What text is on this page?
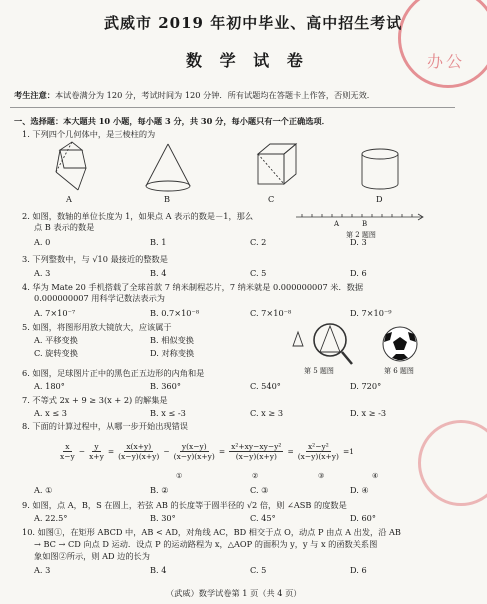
办公
武威市 2019 年初中毕业、高中招生考试
数 学 试 卷
考生注意：本试卷满分为 120 分，考试时间为 120 分钟．所有试题均在答题卡上作答，否则无效．
一、选择题：本大题共 10 小题，每小题 3 分，共 30 分，每小题只有一个正确选项．
1. 下列四个几何体中，是三棱柱的为
A	B	C	D
2. 如图，数轴的单位长度为 1，如果点 A 表示的数是－1，那么
点 B 表示的数是	A	B
第 2 题图
A. 0	B. 1	C. 2	D. 3
3. 下列整数中，与 √10 最接近的整数是
A. 3	B. 4	C. 5	D. 6
4. 华为 Mate 20 手机搭载了全球首款 7 纳米制程芯片，7 纳米就是 0.000000007 米．数据
0.000000007 用科学记数法表示为
A. 7×10⁻⁷	B. 0.7×10⁻⁸	C. 7×10⁻⁸	D. 7×10⁻⁹
5. 如图，将图形用放大镜放大，应该属于
A. 平移变换	B. 相似变换
C. 旋转变换	D. 对称变换
第 5 题图	第 6 题图
6. 如图，足球图片正中的黑色正五边形的内角和是
A. 180°	B. 360°	C. 540°	D. 720°
7. 不等式 2x + 9 ≥ 3(x + 2) 的解集是
A. x ≤ 3	B. x ≤ -3	C. x ≥ 3	D. x ≥ -3
8. 下面的计算过程中，从哪一步开始出现错误
$\frac{x}{x-y} - \frac{y}{x+y} = \frac{x(x+y)}{(x-y)(x+y)} - \frac{y(x-y)}{(x-y)(x+y)} = \frac{\text{x²+xy−xy−y²}}{(x-y)(x+y)} = \frac{\text{x²−y²}}{(x-y)(x+y)} =1$
①	②	③	④
A. ①	B. ②	C. ③	D. ④
9. 如图，点 A，B，S 在圆上，若弦 AB 的长度等于圆半径的 √2 倍，则 ∠ASB 的度数是
A. 22.5°	B. 30°	C. 45°	D. 60°
10. 如图①，在矩形 ABCD 中，AB < AD，对角线 AC，BD 相交于点 O，动点 P 由点 A 出发，沿 AB
→ BC → CD 向点 D 运动．设点 P 的运动路程为 x，△AOP 的面积为 y，y 与 x 的函数关系图
象如图②所示，则 AD 边的长为
A. 3	B. 4	C. 5	D. 6
（武威）数学试卷第 1 页（共 4 页）
